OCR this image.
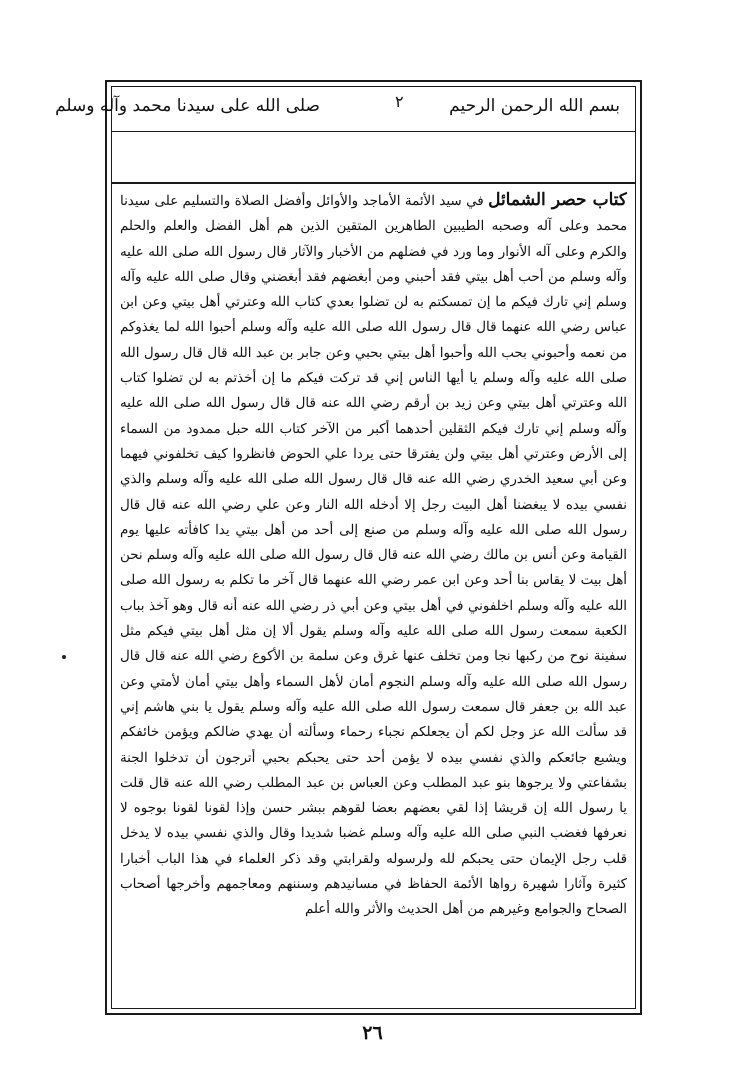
بسم الله الرحمن الرحيم
٢
صلى الله على سيدنا محمد وآله وسلم

كتاب حصر الشمائل في سيد الأئمة الأماجد والأوائل وأفضل الصلاة والتسليم على سيدنا محمد وعلى آله وصحبه الطيبين الطاهرين المتقين الذين هم أهل الفضل والعلم والحلم والكرم وعلى آله الأنوار وما ورد في فضلهم من الأخبار والآثار قال رسول الله صلى الله عليه وآله وسلم من أحب أهل بيتي فقد أحبني ومن أبغضهم فقد أبغضني وقال صلى الله عليه وآله وسلم إني تارك فيكم ما إن تمسكتم به لن تضلوا بعدي كتاب الله وعترتي أهل بيتي وعن ابن عباس رضي الله عنهما قال قال رسول الله صلى الله عليه وآله وسلم أحبوا الله لما يغذوكم من نعمه وأحبوني بحب الله وأحبوا أهل بيتي بحبي وعن جابر بن عبد الله قال قال رسول الله صلى الله عليه وآله وسلم يا أيها الناس إني قد تركت فيكم ما إن أخذتم به لن تضلوا كتاب الله وعترتي أهل بيتي وعن زيد بن أرقم رضي الله عنه قال قال رسول الله صلى الله عليه وآله وسلم إني تارك فيكم الثقلين أحدهما أكبر من الآخر كتاب الله حبل ممدود من السماء إلى الأرض وعترتي أهل بيتي ولن يفترقا حتى يردا علي الحوض فانظروا كيف تخلفوني فيهما وعن أبي سعيد الخدري رضي الله عنه قال قال رسول الله صلى الله عليه وآله وسلم والذي نفسي بيده لا يبغضنا أهل البيت رجل إلا أدخله الله النار وعن علي رضي الله عنه قال قال رسول الله صلى الله عليه وآله وسلم من صنع إلى أحد من أهل بيتي يدا كافأته عليها يوم القيامة وعن أنس بن مالك رضي الله عنه قال قال رسول الله صلى الله عليه وآله وسلم نحن أهل بيت لا يقاس بنا أحد وعن ابن عمر رضي الله عنهما قال آخر ما تكلم به رسول الله صلى الله عليه وآله وسلم اخلفوني في أهل بيتي وعن أبي ذر رضي الله عنه أنه قال وهو آخذ بباب الكعبة سمعت رسول الله صلى الله عليه وآله وسلم يقول ألا إن مثل أهل بيتي فيكم مثل سفينة نوح من ركبها نجا ومن تخلف عنها غرق وعن سلمة بن الأكوع رضي الله عنه قال قال رسول الله صلى الله عليه وآله وسلم النجوم أمان لأهل السماء وأهل بيتي أمان لأمتي وعن عبد الله بن جعفر قال سمعت رسول الله صلى الله عليه وآله وسلم يقول يا بني هاشم إني قد سألت الله عز وجل لكم أن يجعلكم نجباء رحماء وسألته أن يهدي ضالكم ويؤمن خائفكم ويشبع جائعكم والذي نفسي بيده لا يؤمن أحد حتى يحبكم بحبي أترجون أن تدخلوا الجنة بشفاعتي ولا يرجوها بنو عبد المطلب وعن العباس بن عبد المطلب رضي الله عنه قال قلت يا رسول الله إن قريشا إذا لقي بعضهم بعضا لقوهم ببشر حسن وإذا لقونا لقونا بوجوه لا نعرفها فغضب النبي صلى الله عليه وآله وسلم غضبا شديدا وقال والذي نفسي بيده لا يدخل قلب رجل الإيمان حتى يحبكم لله ولرسوله ولقرابتي وقد ذكر العلماء في هذا الباب أخبارا كثيرة وآثارا شهيرة رواها الأئمة الحفاظ في مسانيدهم وسننهم ومعاجمهم وأخرجها أصحاب الصحاح والجوامع وغيرهم من أهل الحديث والأثر والله أعلم

٢٦
